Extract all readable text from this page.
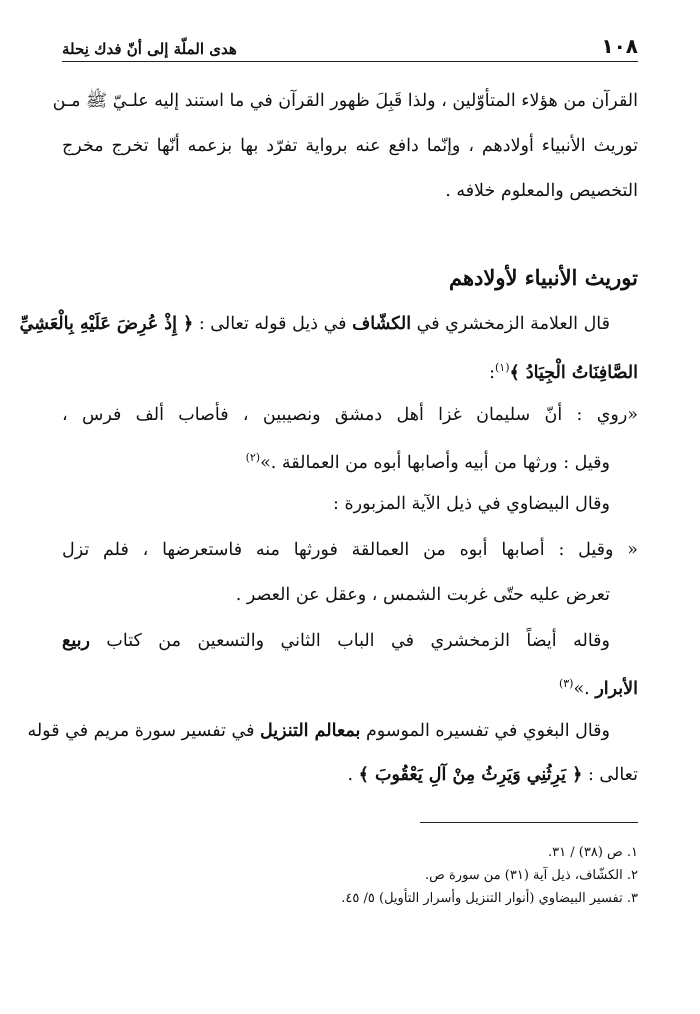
١٠٨
هدى الملّة إلى أنّ فدك نِحلة
القرآن من هؤلاء المتأوّلين ، ولذا قَبِلَ ظهور القرآن في ما استند إليه علـيّ ﷺ مـن
توريث الأنبياء أولادهم ، وإنّما دافع عنه برواية تفرّد بها بزعمه أنّها تخرج مخرج
التخصيص والمعلوم خلافه .
توريث الأنبياء لأولادهم
قال العلامة الزمخشري في الكشّاف في ذيل قوله تعالى : ﴿ إِذْ عُرِضَ عَلَيْهِ بِالْعَشِيِّ
الصَّافِنَاتُ الْجِيَادُ ﴾$^{(١)}$:
«روي : أنّ سليمان غزا أهل دمشق ونصيبين ، فأصاب ألف فرس ،
وقيل : ورثها من أبيه وأصابها أبوه من العمالقة .»$^{(٢)}$
وقال البيضاوي في ذيل الآية المزبورة :
« وقيل : أصابها أبوه من العمالقة فورثها منه فاستعرضها ، فلم تزل
تعرض عليه حتّى غربت الشمس ، وعقل عن العصر .
وقاله أيضاً الزمخشري في الباب الثاني والتسعين من كتاب ربيع
الأبرار .»$^{(٣)}$
وقال البغوي في تفسيره الموسوم بمعالم التنزيل في تفسير سورة مريم في قوله
تعالى : ﴿ يَرِثُنِي وَيَرِثُ مِنْ آلِ يَعْقُوبَ ﴾ .
١. ص (٣٨) / ٣١.
٢. الكشّاف، ذيل آية (٣١) من سورة ص.
٣. تفسير البيضاوي (أنوار التنزيل وأسرار التأويل) ٥/ ٤٥.
